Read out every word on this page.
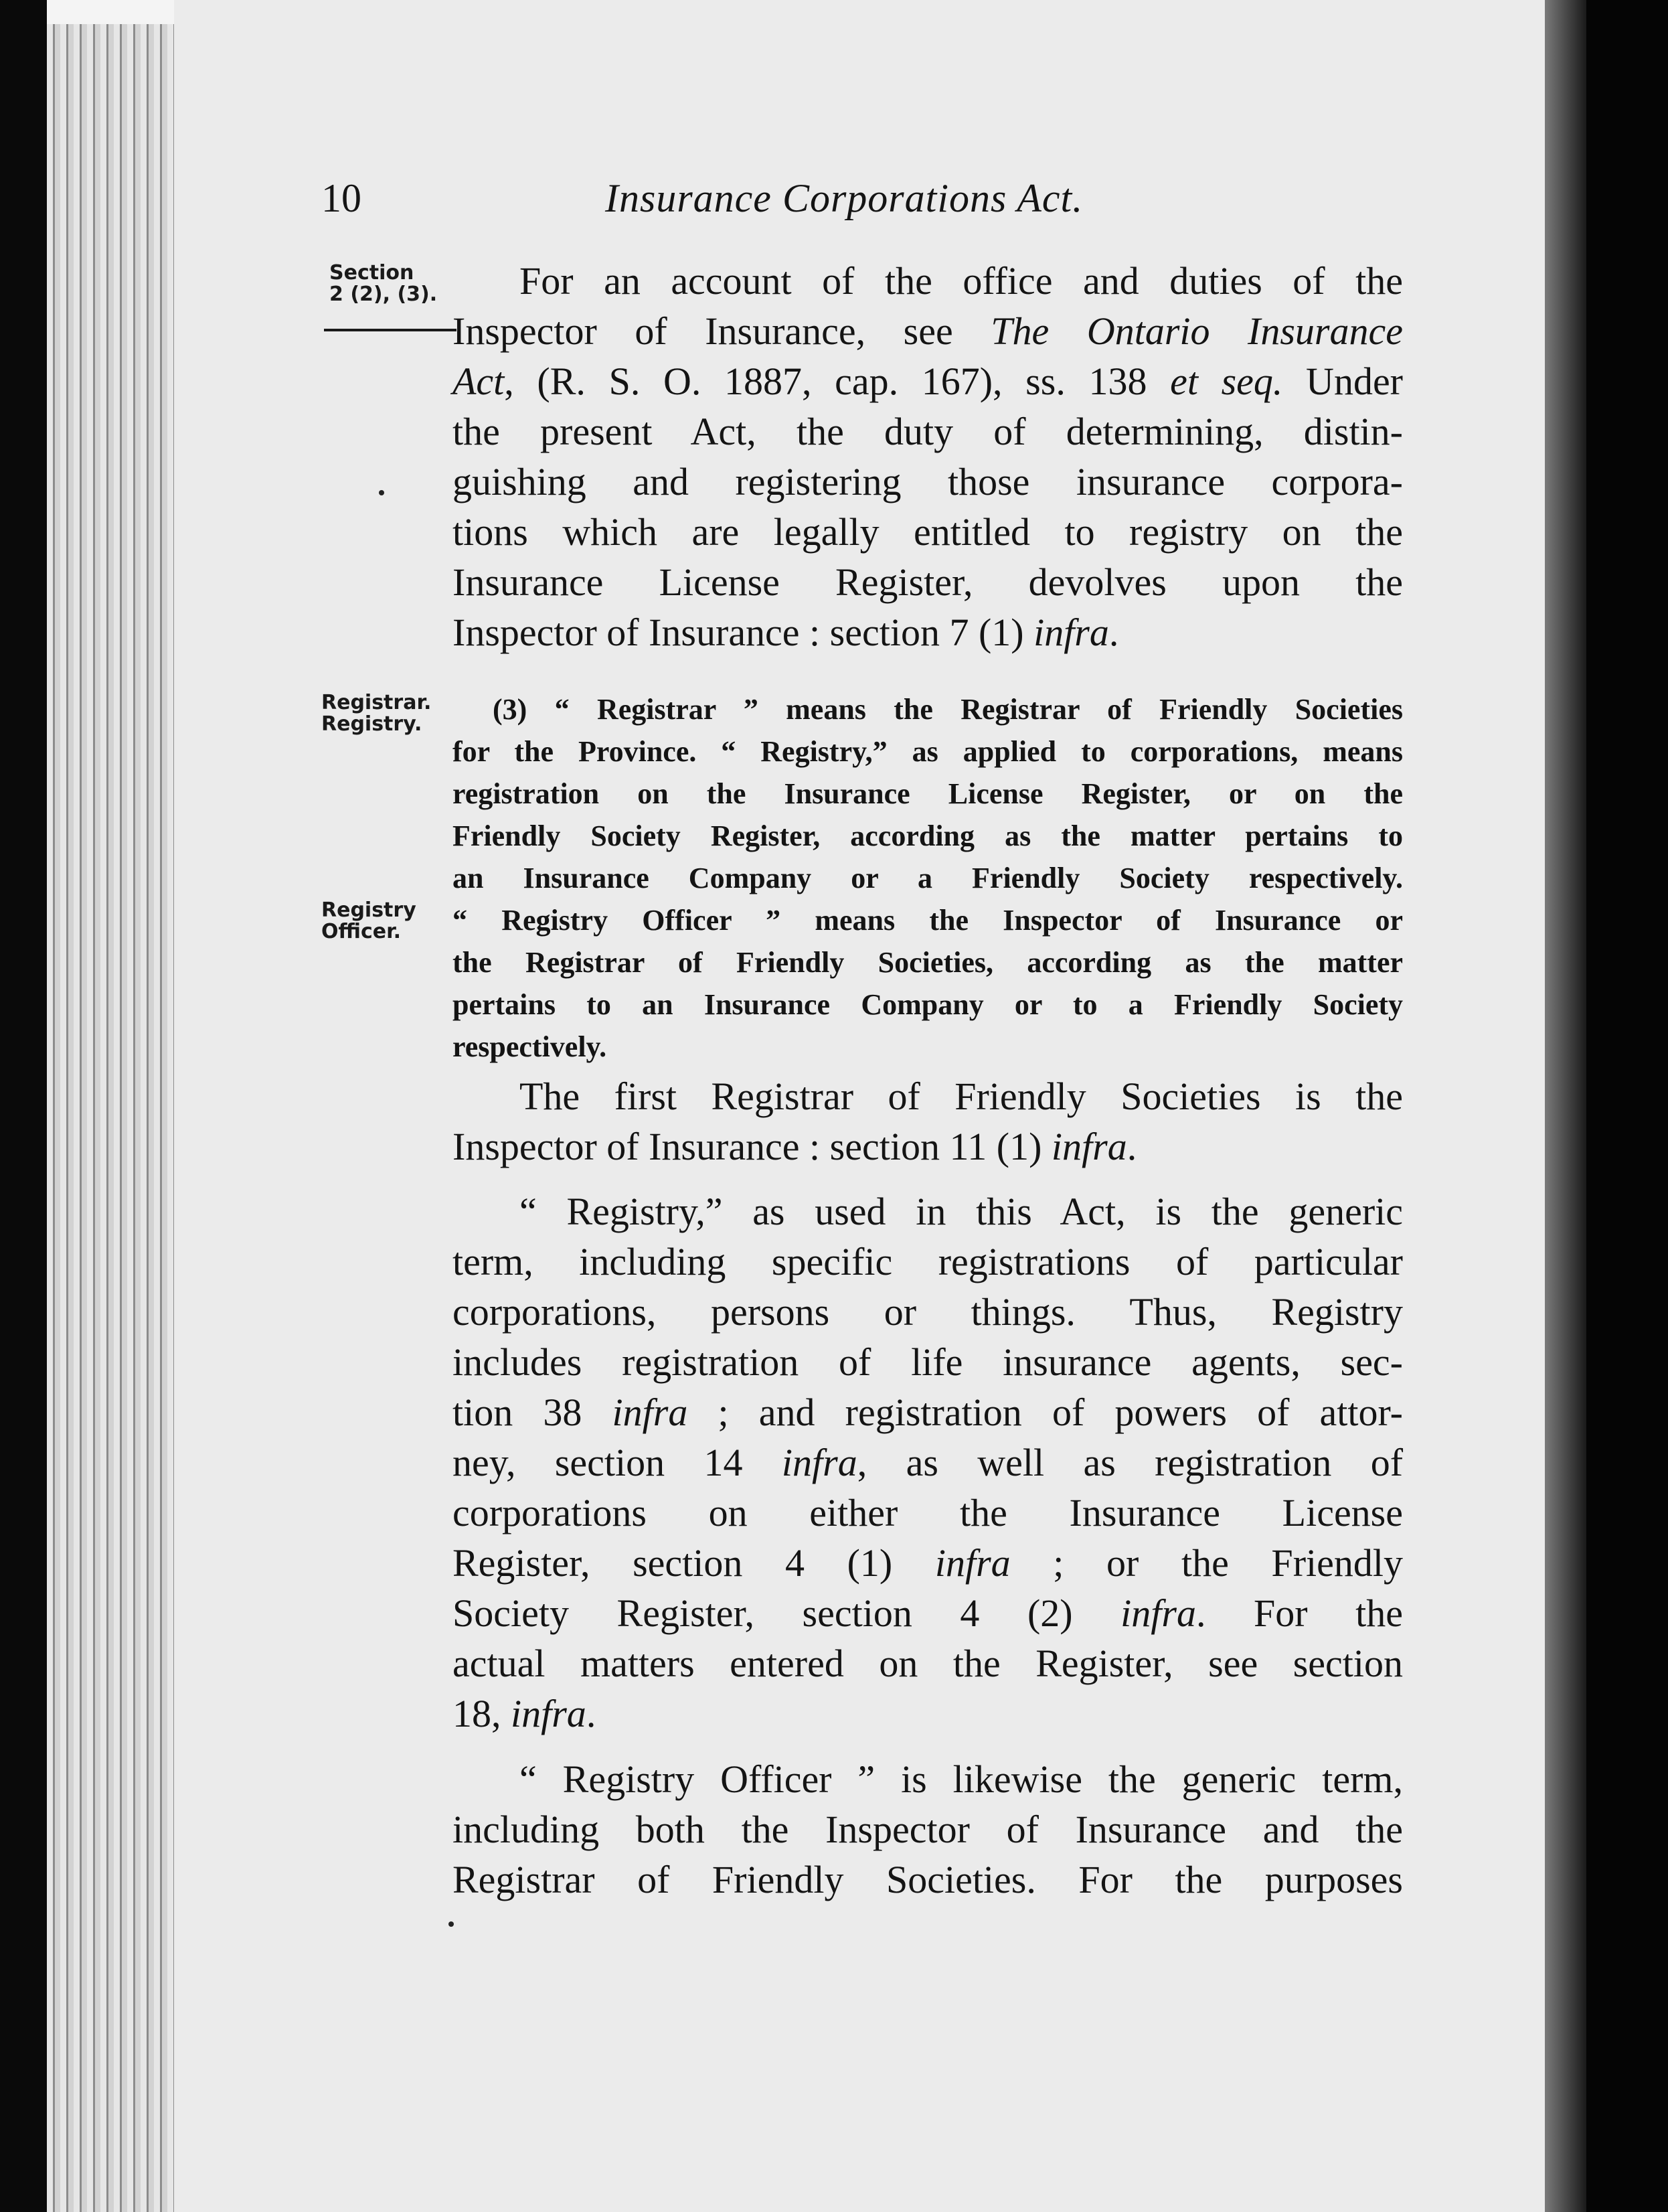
10	Insurance Corporations Act.
Section
2 (2), (3).
Registrar.
Registry.
Registry
Officer.
For an account of the office and duties of the
Inspector of Insurance, see The Ontario Insurance
Act, (R. S. O. 1887, cap. 167), ss. 138 et seq. Under
the present Act, the duty of determining, distin-
guishing and registering those insurance corpora-
tions which are legally entitled to registry on the
Insurance License Register, devolves upon the
Inspector of Insurance : section 7 (1) infra.
(3) “ Registrar ” means the Registrar of Friendly Societies
for the Province. “ Registry,” as applied to corporations, means
registration on the Insurance License Register, or on the
Friendly Society Register, according as the matter pertains to
an Insurance Company or a Friendly Society respectively.
“ Registry Officer ” means the Inspector of Insurance or
the Registrar of Friendly Societies, according as the matter
pertains to an Insurance Company or to a Friendly Society
respectively.
The first Registrar of Friendly Societies is the
Inspector of Insurance : section 11 (1) infra.
“ Registry,” as used in this Act, is the generic
term, including specific registrations of particular
corporations, persons or things. Thus, Registry
includes registration of life insurance agents, sec-
tion 38 infra ; and registration of powers of attor-
ney, section 14 infra, as well as registration of
corporations on either the Insurance License
Register, section 4 (1) infra ; or the Friendly
Society Register, section 4 (2) infra. For the
actual matters entered on the Register, see section
18, infra.
“ Registry Officer ” is likewise the generic term,
including both the Inspector of Insurance and the
Registrar of Friendly Societies. For the purposes
